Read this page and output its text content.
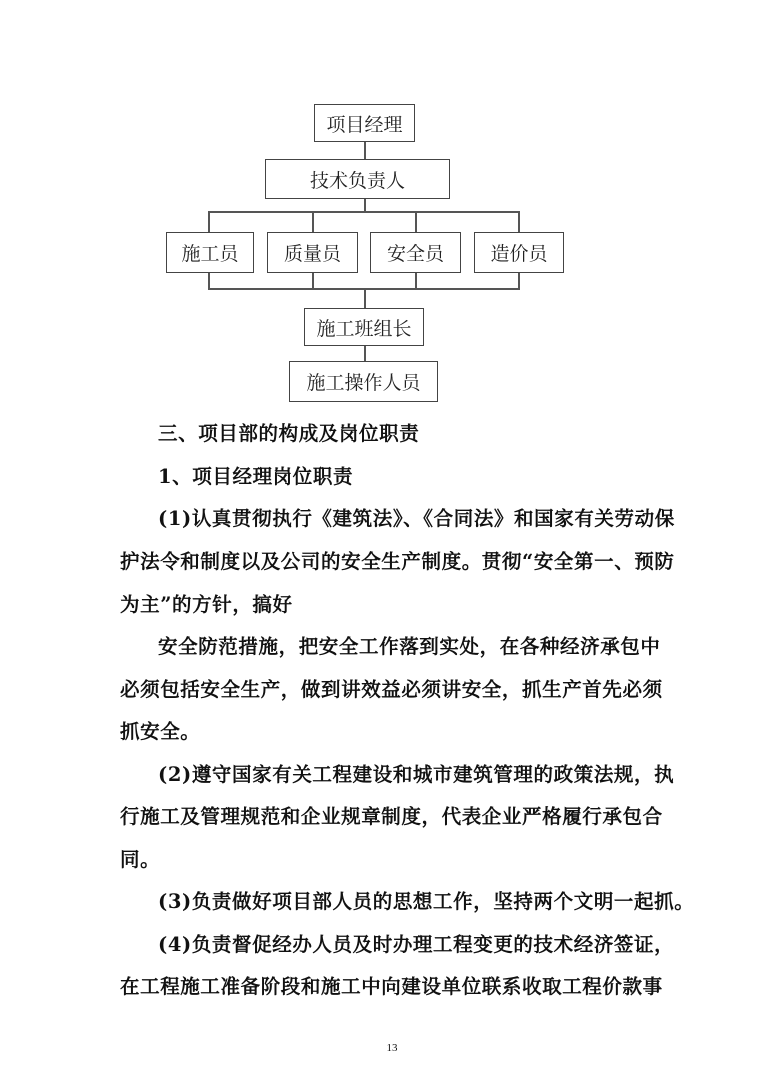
项目经理
技术负责人
施工员	质量员	安全员	造价员
施工班组长
施工操作人员
三、项目部的构成及岗位职责
1、项目经理岗位职责
(1)认真贯彻执行《建筑法》、《合同法》和国家有关劳动保
护法令和制度以及公司的安全生产制度。贯彻“安全第一、预防
为主”的方针，搞好
安全防范措施，把安全工作落到实处，在各种经济承包中
必须包括安全生产，做到讲效益必须讲安全，抓生产首先必须
抓安全。
(2)遵守国家有关工程建设和城市建筑管理的政策法规，执
行施工及管理规范和企业规章制度，代表企业严格履行承包合
同。
(3)负责做好项目部人员的思想工作，坚持两个文明一起抓。
(4)负责督促经办人员及时办理工程变更的技术经济签证，
在工程施工准备阶段和施工中向建设单位联系收取工程价款事
13
